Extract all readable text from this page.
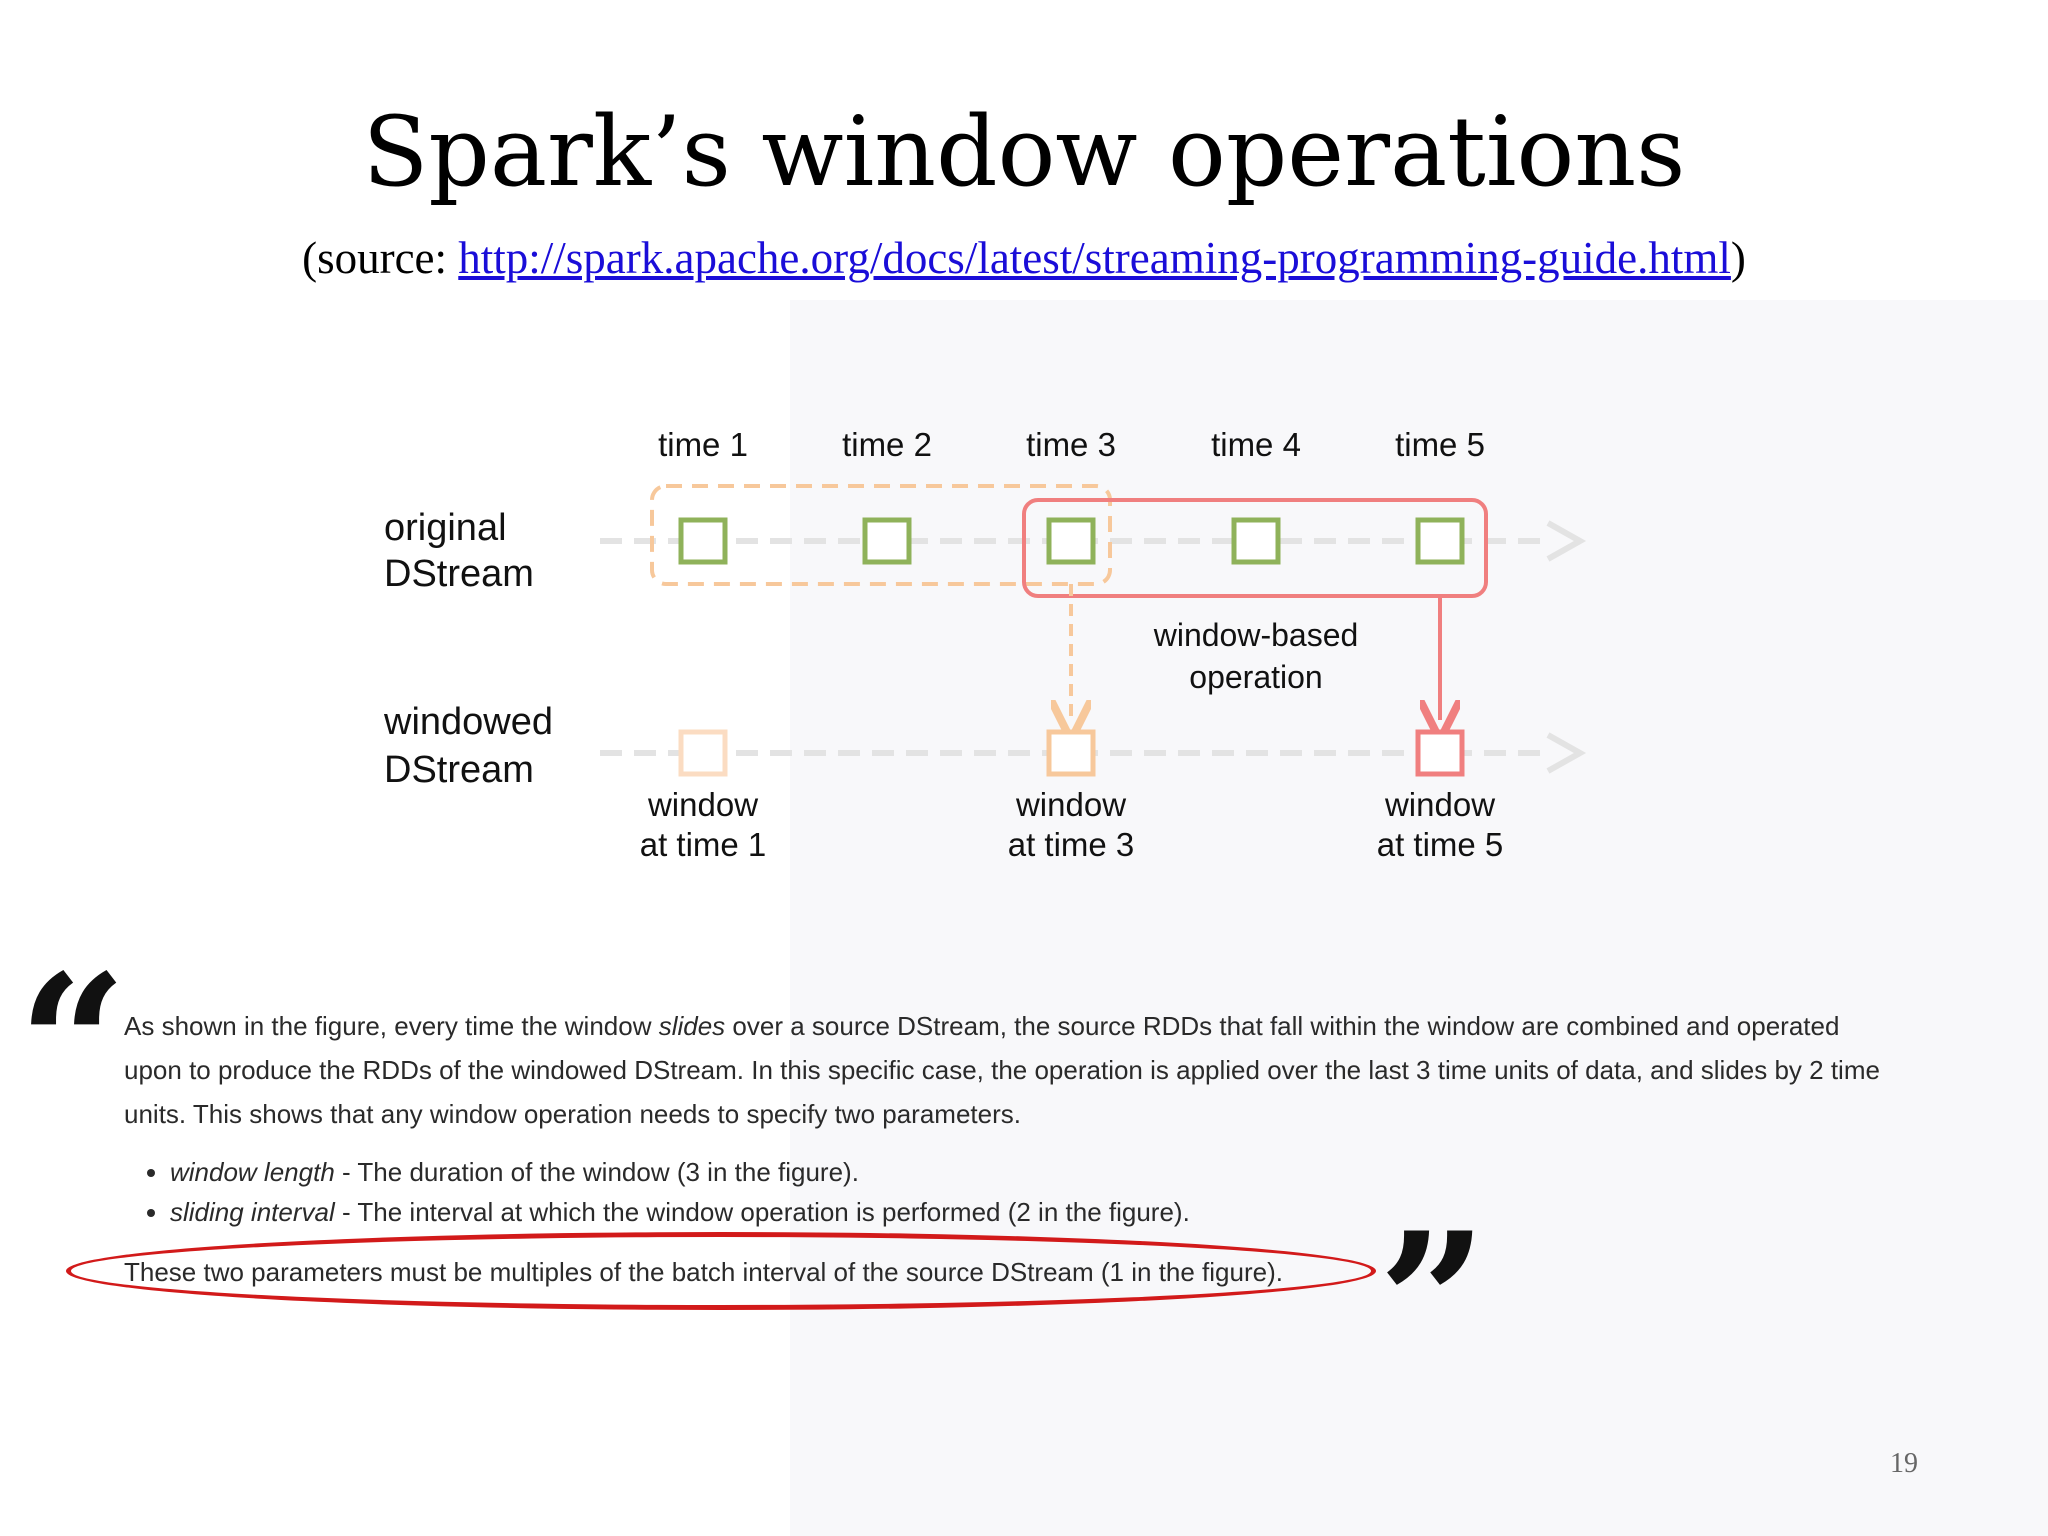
Spark’s window operations
(source: http://spark.apache.org/docs/latest/streaming-programming-guide.html)
time 1	time 2	time 3	time 4	time 5
original
DStream
windowed
DStream
window-based
operation
window
at time 1
window
at time 3
window
at time 5
“

As shown in the figure, every time the window slides over a source DStream, the source RDDs that fall within the window are combined and operated upon to produce the RDDs of the windowed DStream. In this specific case, the operation is applied over the last 3 time units of data, and slides by 2 time units. This shows that any window operation needs to specify two parameters.

• window length - The duration of the window (3 in the figure).
• sliding interval - The interval at which the window operation is performed (2 in the figure).
These two parameters must be multiples of the batch interval of the source DStream (1 in the figure). ”
19
